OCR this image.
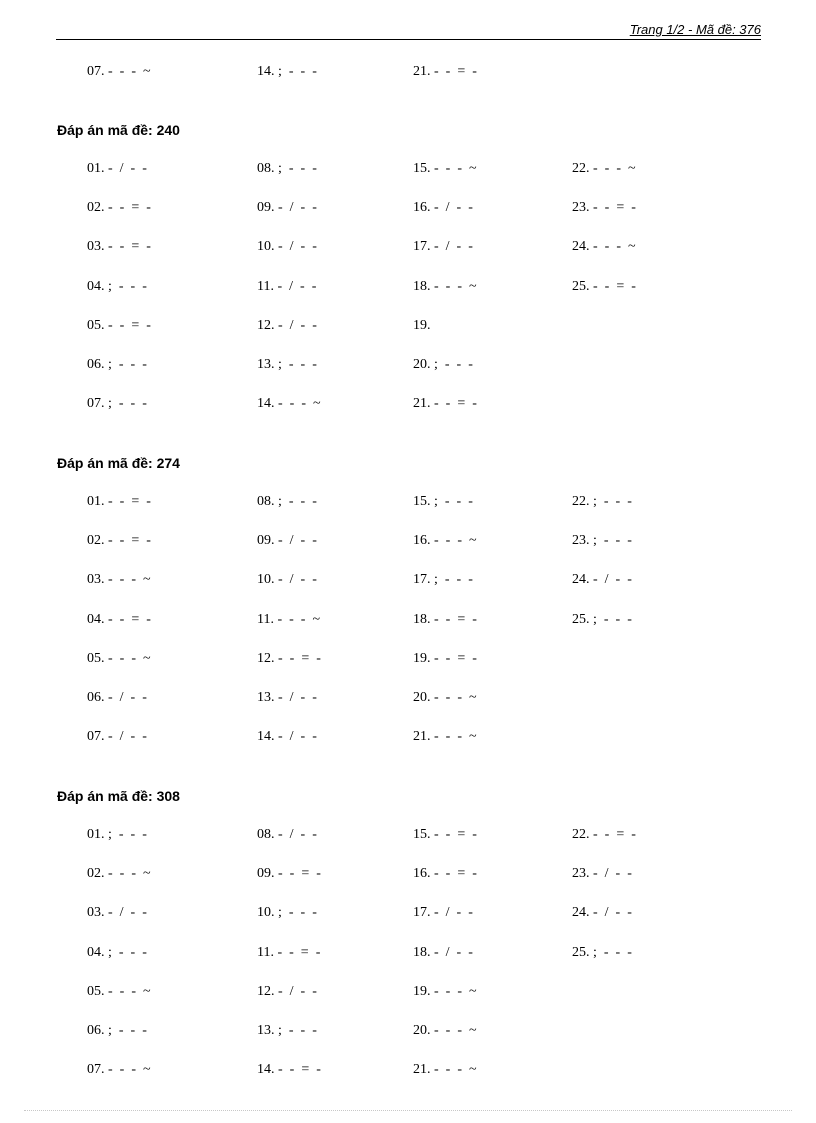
Trang 1/2 - Mã đề: 376
07. -  -  -  ~	14. ;  -  -  -	21. -  -  =  -
Đáp án mã đề: 240
01. -  /  -  -	08. ;  -  -  -	15. -  -  -  ~	22. -  -  -  ~
02. -  -  =  -	09. -  /  -  -	16. -  /  -  -	23. -  -  =  -
03. -  -  =  -	10. -  /  -  -	17. -  /  -  -	24. -  -  -  ~
04. ;  -  -  -	11. -  /  -  -	18. -  -  -  ~	25. -  -  =  -
05. -  -  =  -	12. -  /  -  -	19.
06. ;  -  -  -	13. ;  -  -  -	20. ;  -  -  -
07. ;  -  -  -	14. -  -  -  ~	21. -  -  =  -
Đáp án mã đề: 274
01. -  -  =  -	08. ;  -  -  -	15. ;  -  -  -	22. ;  -  -  -
02. -  -  =  -	09. -  /  -  -	16. -  -  -  ~	23. ;  -  -  -
03. -  -  -  ~	10. -  /  -  -	17. ;  -  -  -	24. -  /  -  -
04. -  -  =  -	11. -  -  -  ~	18. -  -  =  -	25. ;  -  -  -
05. -  -  -  ~	12. -  -  =  -	19. -  -  =  -
06. -  /  -  -	13. -  /  -  -	20. -  -  -  ~
07. -  /  -  -	14. -  /  -  -	21. -  -  -  ~
Đáp án mã đề: 308
01. ;  -  -  -	08. -  /  -  -	15. -  -  =  -	22. -  -  =  -
02. -  -  -  ~	09. -  -  =  -	16. -  -  =  -	23. -  /  -  -
03. -  /  -  -	10. ;  -  -  -	17. -  /  -  -	24. -  /  -  -
04. ;  -  -  -	11. -  -  =  -	18. -  /  -  -	25. ;  -  -  -
05. -  -  -  ~	12. -  /  -  -	19. -  -  -  ~
06. ;  -  -  -	13. ;  -  -  -	20. -  -  -  ~
07. -  -  -  ~	14. -  -  =  -	21. -  -  -  ~
